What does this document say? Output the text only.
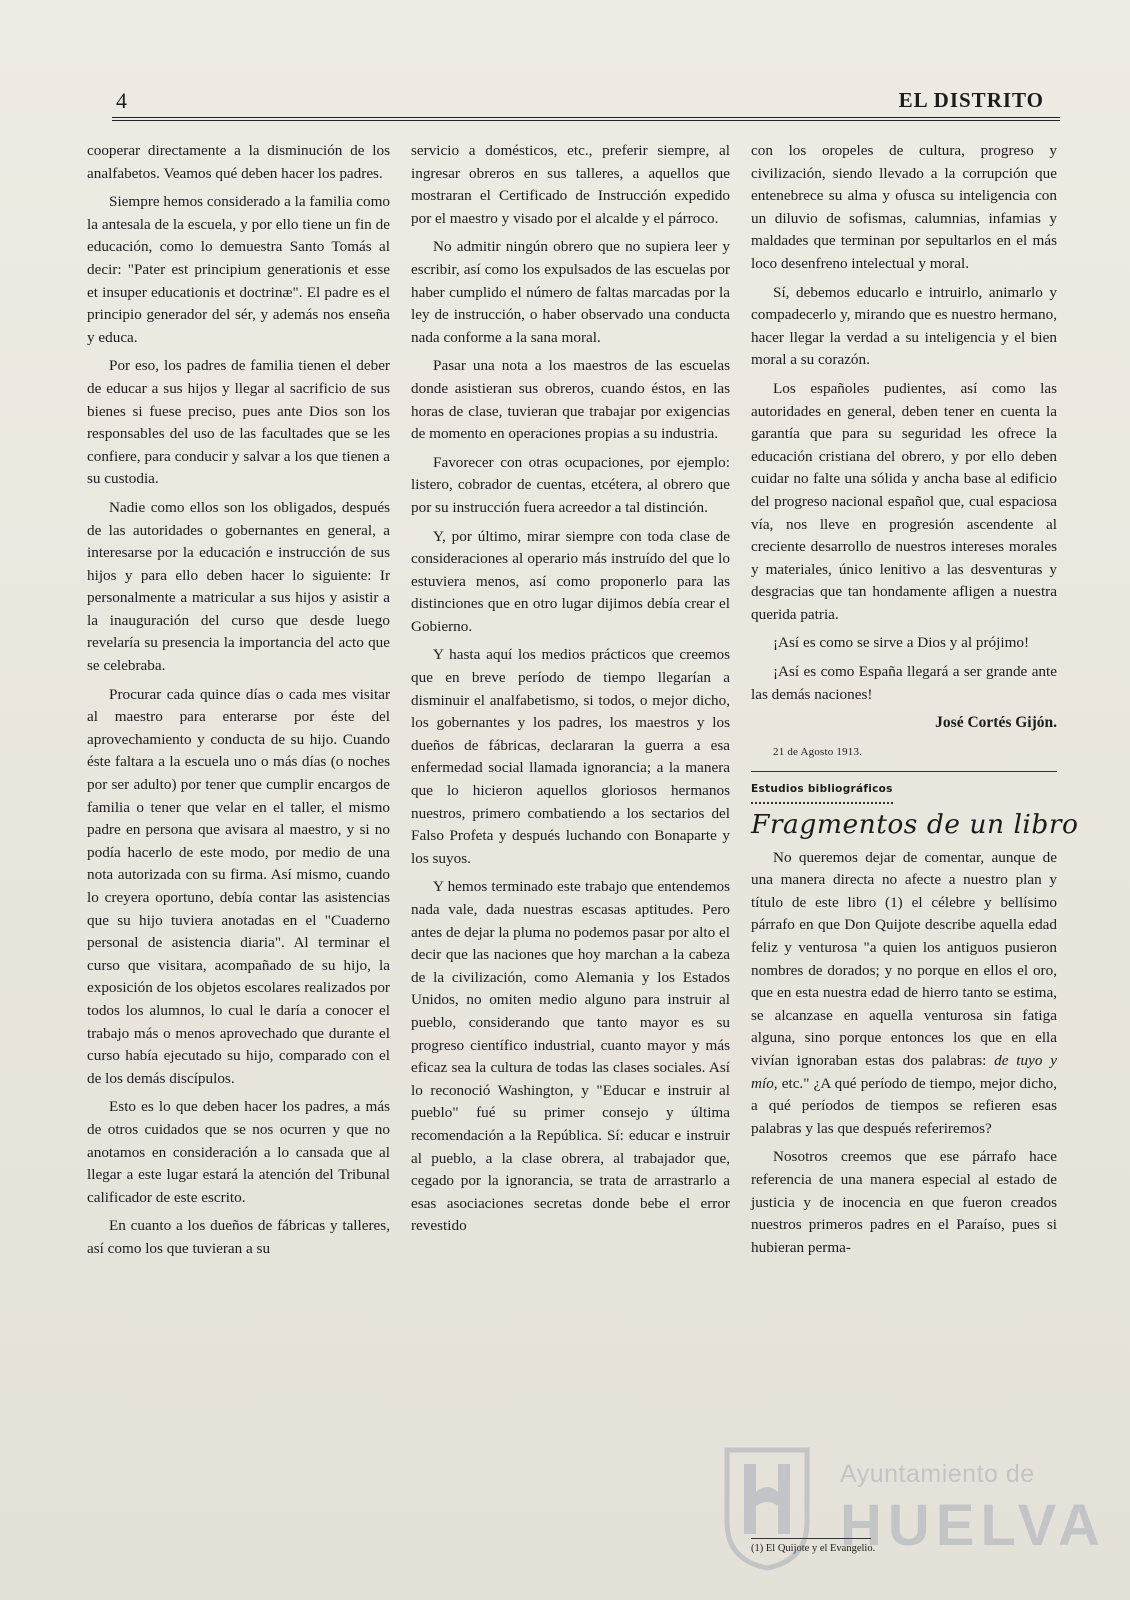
4	EL DISTRITO

cooperar directamente a la disminución de los analfabetos. Veamos qué deben hacer los padres.

Siempre hemos considerado a la familia como la antesala de la escuela, y por ello tiene un fin de educación, como lo demuestra Santo Tomás al decir: "Pater est principium generationis et esse et insuper educationis et doctrinæ". El padre es el principio generador del sér, y además nos enseña y educa.

Por eso, los padres de familia tienen el deber de educar a sus hijos y llegar al sacrificio de sus bienes si fuese preciso, pues ante Dios son los responsables del uso de las facultades que se les confiere, para conducir y salvar a los que tienen a su custodia.

Nadie como ellos son los obligados, después de las autoridades o gobernantes en general, a interesarse por la educación e instrucción de sus hijos y para ello deben hacer lo siguiente: Ir personalmente a matricular a sus hijos y asistir a la inauguración del curso que desde luego revelaría su presencia la importancia del acto que se celebraba.

Procurar cada quince días o cada mes visitar al maestro para enterarse por éste del aprovechamiento y conducta de su hijo. Cuando éste faltara a la escuela uno o más días (o noches por ser adulto) por tener que cumplir encargos de familia o tener que velar en el taller, el mismo padre en persona que avisara al maestro, y si no podía hacerlo de este modo, por medio de una nota autorizada con su firma. Así mismo, cuando lo creyera oportuno, debía contar las asistencias que su hijo tuviera anotadas en el "Cuaderno personal de asistencia diaria". Al terminar el curso que visitara, acompañado de su hijo, la exposición de los objetos escolares realizados por todos los alumnos, lo cual le daría a conocer el trabajo más o menos aprovechado que durante el curso había ejecutado su hijo, comparado con el de los demás discípulos.

Esto es lo que deben hacer los padres, a más de otros cuidados que se nos ocurren y que no anotamos en consideración a lo cansada que al llegar a este lugar estará la atención del Tribunal calificador de este escrito.

En cuanto a los dueños de fábricas y talleres, así como los que tuvieran a su

servicio a domésticos, etc., preferir siempre, al ingresar obreros en sus talleres, a aquellos que mostraran el Certificado de Instrucción expedido por el maestro y visado por el alcalde y el párroco.

No admitir ningún obrero que no supiera leer y escribir, así como los expulsados de las escuelas por haber cumplido el número de faltas marcadas por la ley de instrucción, o haber observado una conducta nada conforme a la sana moral.

Pasar una nota a los maestros de las escuelas donde asistieran sus obreros, cuando éstos, en las horas de clase, tuvieran que trabajar por exigencias de momento en operaciones propias a su industria.

Favorecer con otras ocupaciones, por ejemplo: listero, cobrador de cuentas, etcétera, al obrero que por su instrucción fuera acreedor a tal distinción.

Y, por último, mirar siempre con toda clase de consideraciones al operario más instruído del que lo estuviera menos, así como proponerlo para las distinciones que en otro lugar dijimos debía crear el Gobierno.

Y hasta aquí los medios prácticos que creemos que en breve período de tiempo llegarían a disminuir el analfabetismo, si todos, o mejor dicho, los gobernantes y los padres, los maestros y los dueños de fábricas, declararan la guerra a esa enfermedad social llamada ignorancia; a la manera que lo hicieron aquellos gloriosos hermanos nuestros, primero combatiendo a los sectarios del Falso Profeta y después luchando con Bonaparte y los suyos.

Y hemos terminado este trabajo que entendemos nada vale, dada nuestras escasas aptitudes. Pero antes de dejar la pluma no podemos pasar por alto el decir que las naciones que hoy marchan a la cabeza de la civilización, como Alemania y los Estados Unidos, no omiten medio alguno para instruir al pueblo, considerando que tanto mayor es su progreso científico industrial, cuanto mayor y más eficaz sea la cultura de todas las clases sociales. Así lo reconoció Washington, y "Educar e instruir al pueblo" fué su primer consejo y última recomendación a la República. Sí: educar e instruir al pueblo, a la clase obrera, al trabajador que, cegado por la ignorancia, se trata de arrastrarlo a esas asociaciones secretas donde bebe el error revestido

con los oropeles de cultura, progreso y civilización, siendo llevado a la corrupción que entenebrece su alma y ofusca su inteligencia con un diluvio de sofismas, calumnias, infamias y maldades que terminan por sepultarlos en el más loco desenfreno intelectual y moral.

Sí, debemos educarlo e intruirlo, animarlo y compadecerlo y, mirando que es nuestro hermano, hacer llegar la verdad a su inteligencia y el bien moral a su corazón.

Los españoles pudientes, así como las autoridades en general, deben tener en cuenta la garantía que para su seguridad les ofrece la educación cristiana del obrero, y por ello deben cuidar no falte una sólida y ancha base al edificio del progreso nacional español que, cual espaciosa vía, nos lleve en progresión ascendente al creciente desarrollo de nuestros intereses morales y materiales, único lenitivo a las desventuras y desgracias que tan hondamente afligen a nuestra querida patria.

¡Así es como se sirve a Dios y al prójimo!

¡Así es como España llegará a ser grande ante las demás naciones!

José Cortés Gijón.

21 de Agosto 1913.

Estudios bibliográficos
Fragmentos de un libro

No queremos dejar de comentar, aunque de una manera directa no afecte a nuestro plan y título de este libro (1) el célebre y bellísimo párrafo en que Don Quijote describe aquella edad feliz y venturosa "a quien los antiguos pusieron nombres de dorados; y no porque en ellos el oro, que en esta nuestra edad de hierro tanto se estima, se alcanzase en aquella venturosa sin fatiga alguna, sino porque entonces los que en ella vivían ignoraban estas dos palabras: de tuyo y mío, etc." ¿A qué período de tiempo, mejor dicho, a qué períodos de tiempos se refieren esas palabras y las que después referiremos?

Nosotros creemos que ese párrafo hace referencia de una manera especial al estado de justicia y de inocencia en que fueron creados nuestros primeros padres en el Paraíso, pues si hubieran perma-

(1) El Quijote y el Evangelio.
Ayuntamiento de
HUELVA
